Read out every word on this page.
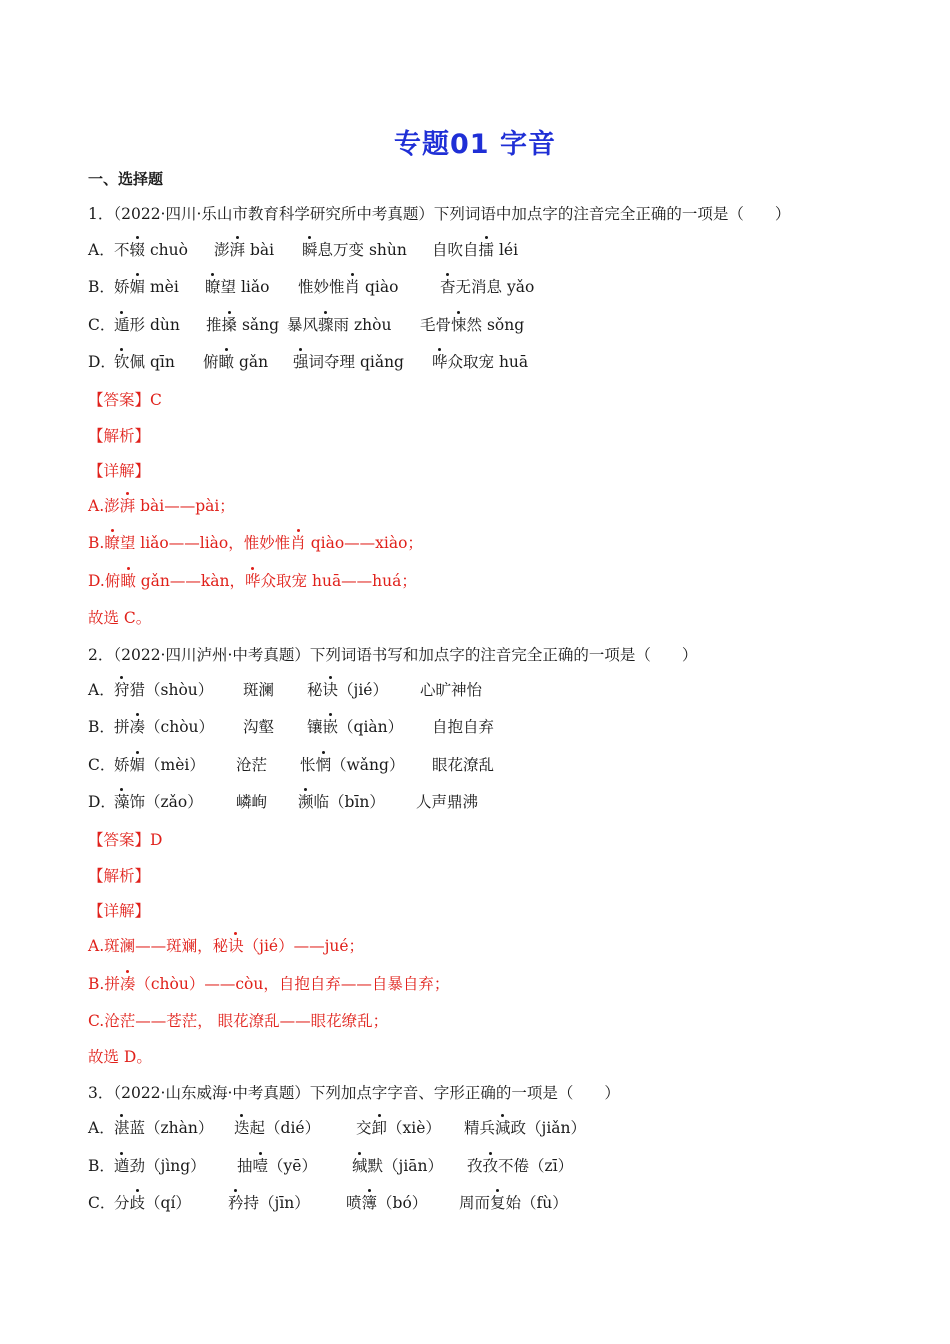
专题01 字音
一、选择题
1．（2022·四川·乐山市教育科学研究所中考真题）下列词语中加点字的注音完全正确的一项是（　　）
A． 不辍 chuò 澎湃 bài 瞬息万变 shùn 自吹自擂 léi
B． 娇媚 mèi 瞭望 liǎo 惟妙惟肖 qiào	杳无消息 yǎo
C．
遁形 dùn 推搡 sǎng 暴风骤雨 zhòu 毛骨悚然 sǒng
D．
钦佩 qīn 俯瞰 gǎn 强词夺理 qiǎng 哗众取宠 huā
【答案】C
【解析】
【详解】
A.澎湃 bài——pài；
B.瞭望 liǎo——liào，惟妙惟肖 qiào——xiào；
D.俯瞰 gǎn——kàn，哗众取宠 huā——huá；
故选 C。
2．（2022·四川泸州·中考真题）下列词语书写和加点字的注音完全正确的一项是（　　）
A． 狩猎（shòu） 斑澜 秘诀（jié） 心旷神怡
B． 拼凑（chòu） 沟壑 镶嵌（qiàn） 自抱自弃
C．
娇媚（mèi） 沧茫 怅惘（wǎng） 眼花潦乱
D．
藻饰（zǎo） 嶙峋 濒临（bīn） 人声鼎沸
【答案】D
【解析】
【详解】
A.斑澜——斑斓，秘诀（jié）——jué；
B.拼凑（chòu）——còu，自抱自弃——自暴自弃；
C.沧茫——苍茫， 眼花潦乱——眼花缭乱；
故选 D。
3．（2022·山东威海·中考真题）下列加点字字音、字形正确的一项是（　　）
A． 湛蓝（zhàn） 迭起（dié） 交卸（xiè） 精兵減政（jiǎn）
B． 遒劲（jìng） 抽噎（yē） 缄默（jiān） 孜孜不倦（zī）
C．
分歧（qí） 矜持（jīn） 喷簿（bó） 周而复始（fù）
